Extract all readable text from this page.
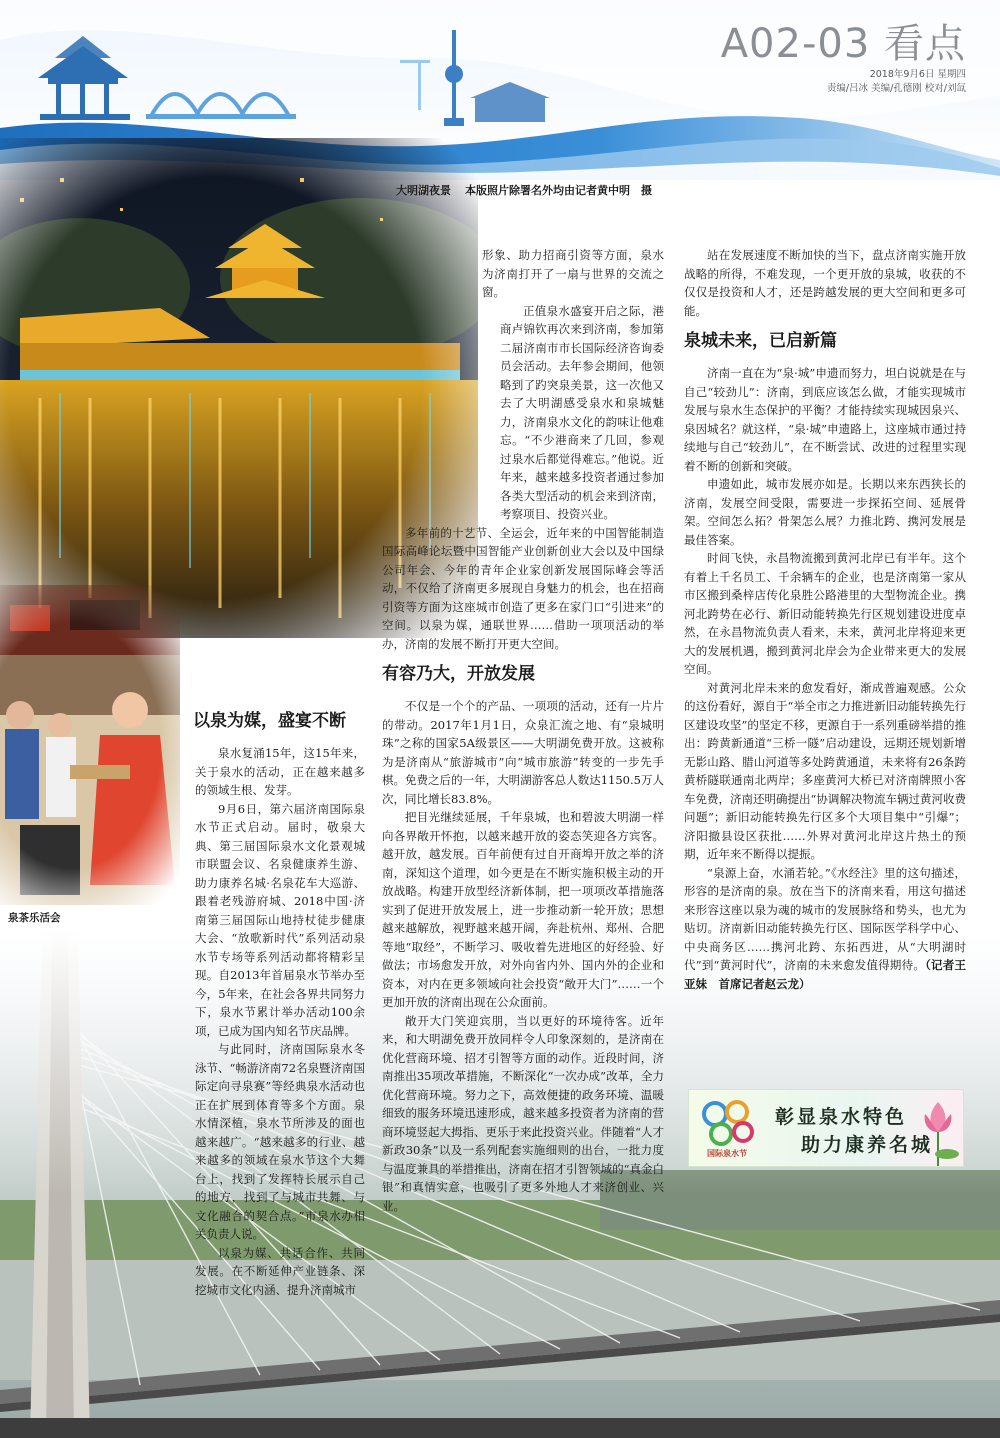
A02-03 看点
2018年9月6日 星期四
责编/吕冰 美编/孔德刚 校对/刘氙
大明湖夜景 本版照片除署名外均由记者黄中明　摄
泉茶乐活会
以泉为媒，盛宴不断

泉水复涌15年，这15年来，关于泉水的活动，正在越来越多的领域生根、发芽。

9月6日，第六届济南国际泉水节正式启动。届时，敬泉大典、第三届国际泉水文化景观城市联盟会议、名泉健康养生游、助力康养名城·名泉花车大巡游、跟着老残游府城、2018中国·济南第三届国际山地持杖徒步健康大会、“放歌新时代”系列活动泉水节专场等系列活动都将精彩呈现。自2013年首届泉水节举办至今，5年来，在社会各界共同努力下，泉水节累计举办活动100余项，已成为国内知名节庆品牌。

与此同时，济南国际泉水冬泳节、“畅游济南72名泉暨济南国际定向寻泉赛”等经典泉水活动也正在扩展到体育等多个方面。泉水情深植，泉水节所涉及的面也越来越广。“越来越多的行业、越来越多的领域在泉水节这个大舞台上，找到了发挥特长展示自己的地方，找到了与城市共舞、与文化融合的契合点。”市泉水办相关负责人说。

以泉为媒、共话合作、共同发展。在不断延伸产业链条、深挖城市文化内涵、提升济南城市

形象、助力招商引资等方面，泉水为济南打开了一扇与世界的交流之窗。

正值泉水盛宴开启之际，港商卢锦钦再次来到济南，参加第二届济南市市长国际经济咨询委员会活动。去年参会期间，他领略到了趵突泉美景，这一次他又去了大明湖感受泉水和泉城魅力，济南泉水文化的韵味让他难忘。“不少港商来了几回，参观过泉水后都觉得难忘。”他说。近年来，越来越多投资者通过参加各类大型活动的机会来到济南，考察项目、投资兴业。

多年前的十艺节、全运会，近年来的中国智能制造国际高峰论坛暨中国智能产业创新创业大会以及中国绿公司年会、今年的青年企业家创新发展国际峰会等活动，不仅给了济南更多展现自身魅力的机会，也在招商引资等方面为这座城市创造了更多在家门口“引进来”的空间。以泉为媒，通联世界……借助一项项活动的举办，济南的发展不断打开更大空间。

有容乃大，开放发展

不仅是一个个的产品、一项项的活动，还有一片片的带动。2017年1月1日，众泉汇流之地、有“泉城明珠”之称的国家5A级景区——大明湖免费开放。这被称为是济南从“旅游城市”向“城市旅游”转变的一步先手棋。免费之后的一年，大明湖游客总人数达1150.5万人次，同比增长83.8%。

把目光继续延展，千年泉城，也和碧波大明湖一样向各界敞开怀抱，以越来越开放的姿态笑迎各方宾客。越开放，越发展。百年前便有过自开商埠开放之举的济南，深知这个道理，如今更是在不断实施积极主动的开放战略。构建开放型经济新体制，把一项项改革措施落实到了促进开放发展上，进一步推动新一轮开放；思想越来越解放，视野越来越开阔，奔赴杭州、郑州、合肥等地“取经”，不断学习、吸收着先进地区的好经验、好做法；市场愈发开放，对外向省内外、国内外的企业和资本，对内在更多领域向社会投资“敞开大门”……一个更加开放的济南出现在公众面前。

敞开大门笑迎宾朋，当以更好的环境待客。近年来，和大明湖免费开放同样令人印象深刻的，是济南在优化营商环境、招才引智等方面的动作。近段时间，济南推出35项改革措施，不断深化“一次办成”改革，全力优化营商环境。努力之下，高效便捷的政务环境、温暖细致的服务环境迅速形成，越来越多投资者为济南的营商环境竖起大拇指、更乐于来此投资兴业。伴随着“人才新政30条”以及一系列配套实施细则的出台，一批力度与温度兼具的举措推出，济南在招才引智领域的“真金白银”和真情实意，也吸引了更多外地人才来济创业、兴业。

站在发展速度不断加快的当下，盘点济南实施开放战略的所得，不难发现，一个更开放的泉城，收获的不仅仅是投资和人才，还是跨越发展的更大空间和更多可能。

泉城未来，已启新篇

济南一直在为“泉·城”申遗而努力，坦白说就是在与自己“较劲儿”：济南，到底应该怎么做，才能实现城市发展与泉水生态保护的平衡？才能持续实现城因泉兴、泉因城名？就这样，“泉·城”申遗路上，这座城市通过持续地与自己“较劲儿”，在不断尝试、改进的过程里实现着不断的创新和突破。

申遗如此，城市发展亦如是。长期以来东西狭长的济南，发展空间受限，需要进一步探拓空间、延展骨架。空间怎么拓？骨架怎么展？力推北跨、携河发展是最佳答案。

时间飞快，永昌物流搬到黄河北岸已有半年。这个有着上千名员工、千余辆车的企业，也是济南第一家从市区搬到桑梓店传化泉胜公路港里的大型物流企业。携河北跨势在必行、新旧动能转换先行区规划建设进度卓然，在永昌物流负责人看来，未来，黄河北岸将迎来更大的发展机遇，搬到黄河北岸会为企业带来更大的发展空间。

对黄河北岸未来的愈发看好，渐成普遍观感。公众的这份看好，源自于“举全市之力推进新旧动能转换先行区建设攻坚”的坚定不移，更源自于一系列重磅举措的推出：跨黄新通道“三桥一隧”启动建设，远期还规划新增无影山路、腊山河道等多处跨黄通道，未来将有26条跨黄桥隧联通南北两岸；多座黄河大桥已对济南牌照小客车免费，济南还明确提出“协调解决物流车辆过黄河收费问题”；新旧动能转换先行区多个大项目集中“引爆”；济阳撤县设区获批……外界对黄河北岸这片热土的预期，近年来不断得以提振。

“泉源上奋，水涌若轮。”《水经注》里的这句描述，形容的是济南的泉。放在当下的济南来看，用这句描述来形容这座以泉为魂的城市的发展脉络和势头，也尤为贴切。济南新旧动能转换先行区、国际医学科学中心、中央商务区……携河北跨、东拓西进，从“大明湖时代”到“黄河时代”，济南的未来愈发值得期待。（记者王亚妹　首席记者赵云龙）

国际泉水节
彰显泉水特色
助力康养名城
